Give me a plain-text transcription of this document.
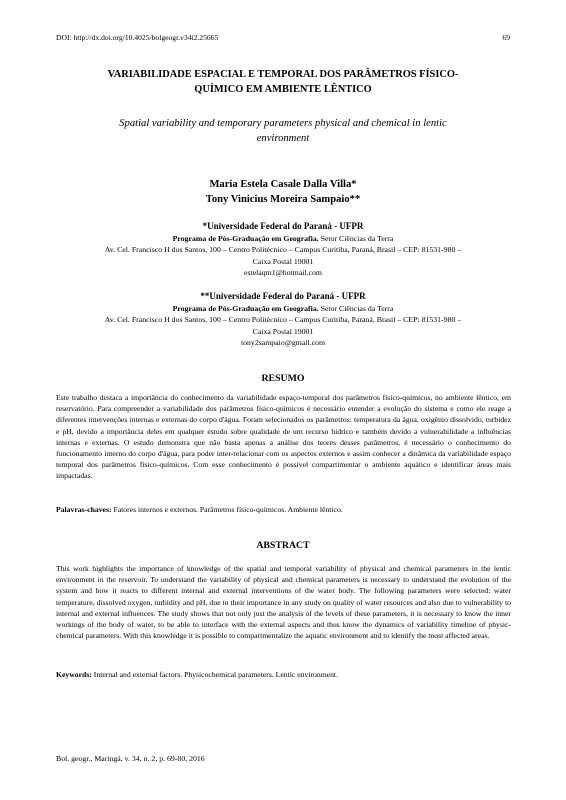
DOI: http://dx.doi.org/10.4025/bolgeogr.v34i2.25665	69
VARIABILIDADE ESPACIAL E TEMPORAL DOS PARÂMETROS FÍSICO-
QUÍMICO EM AMBIENTE LÊNTICO
Spatial variability and temporary parameters physical and chemical in lentic
environment
Maria Estela Casale Dalla Villa*
Tony Vinicius Moreira Sampaio**
*Universidade Federal do Paraná - UFPR
Programa de Pós-Graduação em Geografia. Setor Ciências da Terra
Av. Cel. Francisco H dos Santos, 100 – Centro Politécnico – Campus Curitiba, Paraná, Brasil – CEP: 81531-980 –
Caixa Postal 19001
estelaqm1@hotmail.com
**Universidade Federal do Paraná - UFPR
Programa de Pós-Graduação em Geografia. Setor Ciências da Terra
Av. Cel. Francisco H dos Santos, 100 – Centro Politécnico – Campus Curitiba, Paraná, Brasil – CEP: 81531-980 –
Caixa Postal 19001
tony2sampaio@gmail.com
RESUMO
Este trabalho destaca a importância do conhecimento da variabilidade espaço-temporal dos parâmetros físico-químicos, no ambiente lêntico, em reservatório. Para compreender a variabilidade dos parâmetros físico-químicos é necessário entender a evolução do sistema e como ele reage a diferentes intervenções internas e externas do corpo d'água. Foram selecionados os parâmetros: temperatura da água, oxigênio dissolvido, turbidez e pH, devido a importância deles em qualquer estudo sobre qualidade de um recurso hídrico e também devido a vulnerabilidade a influências internas e externas. O estudo demonstra que não basta apenas a análise dos teores desses parâmetros, é necessário o conhecimento do funcionamento interno do corpo d'água, para poder inter-relacionar com os aspectos externos e assim conhecer a dinâmica da variabilidade espaço temporal dos parâmetros físico-químicos. Com esse conhecimento é possível compartimentar o ambiente aquático e identificar áreas mais impactadas.
Palavras-chaves: Fatores internos e externos. Parâmetros físico-químicos. Ambiente lêntico.
ABSTRACT
This work highlights the importance of knowledge of the spatial and temporal variability of physical and chemical parameters in the lentic environment in the reservoir. To understand the variability of physical and chemical parameters is necessary to understand the evolution of the system and how it reacts to different internal and external interventions of the water body. The following parameters were selected: water temperature, dissolved oxygen, turbidity and pH, due to their importance in any study on quality of water resources and also due to vulnerability to internal and external influences. The study shows that not only just the analysis of the levels of these parameters, it is necessary to know the inner workings of the body of water, to be able to interface with the external aspects and thus know the dynamics of variability timeline of physic-chemical parameters. With this knowledge it is possible to compartmentalize the aquatic environment and to identify the most affected areas.
Keywords: Internal and external factors. Physicochemical parameters. Lentic environment.
Bol. geogr., Maringá, v. 34, n. 2, p. 69-80, 2016
